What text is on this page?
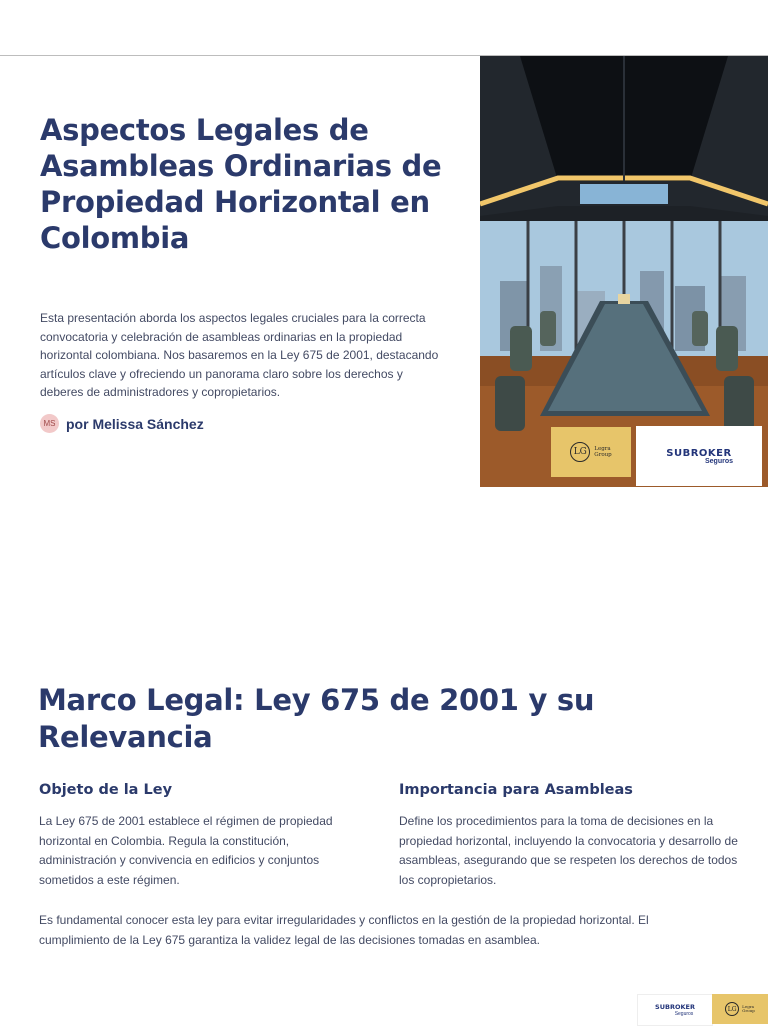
Aspectos Legales de Asambleas Ordinarias de Propiedad Horizontal en Colombia

Esta presentación aborda los aspectos legales cruciales para la correcta convocatoria y celebración de asambleas ordinarias en la propiedad horizontal colombiana. Nos basaremos en la Ley 675 de 2001, destacando artículos clave y ofreciendo un panorama claro sobre los derechos y deberes de administradores y copropietarios.

MS por Melissa Sánchez
LG	Legra
Group	SUBROKER
Seguros
Marco Legal: Ley 675 de 2001 y su Relevancia
Objeto de la Ley

La Ley 675 de 2001 establece el régimen de propiedad horizontal en Colombia. Regula la constitución, administración y convivencia en edificios y conjuntos sometidos a este régimen.

Importancia para Asambleas

Define los procedimientos para la toma de decisiones en la propiedad horizontal, incluyendo la convocatoria y desarrollo de asambleas, asegurando que se respeten los derechos de todos los copropietarios.

Es fundamental conocer esta ley para evitar irregularidades y conflictos en la gestión de la propiedad horizontal. El cumplimiento de la Ley 675 garantiza la validez legal de las decisiones tomadas en asamblea.

SUBROKER
Seguros
LG	Legra
Group
